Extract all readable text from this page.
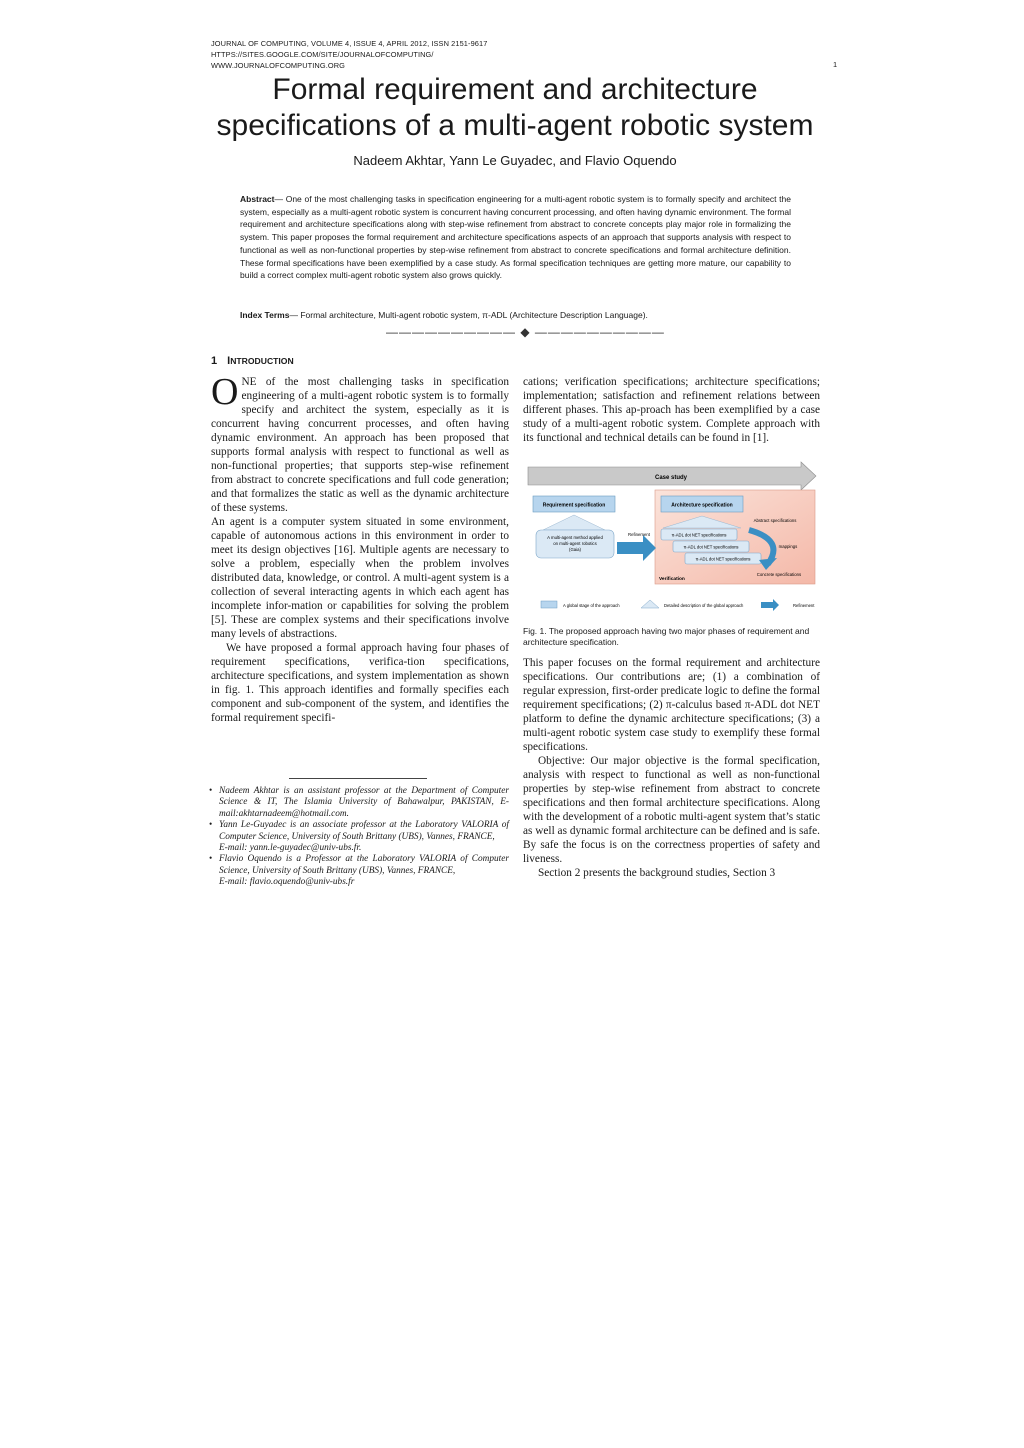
JOURNAL OF COMPUTING, VOLUME 4, ISSUE 4, APRIL 2012, ISSN 2151-9617
HTTPS://SITES.GOOGLE.COM/SITE/JOURNALOFCOMPUTING/
WWW.JOURNALOFCOMPUTING.ORG	1
Formal requirement and architecture
specifications of a multi-agent robotic system
Nadeem Akhtar, Yann Le Guyadec, and Flavio Oquendo

Abstract— One of the most challenging tasks in specification engineering for a multi-agent robotic system is to formally specify and architect the system, especially as a multi-agent robotic system is concurrent having concurrent processing, and often having dynamic environment. The formal requirement and architecture specifications along with step-wise refinement from abstract to concrete concepts play major role in formalizing the system. This paper proposes the formal requirement and architecture specifications aspects of an approach that supports analysis with respect to functional as well as non-functional properties by step-wise refinement from abstract to concrete specifications and formal architecture definition. These formal specifications have been exemplified by a case study. As formal specification techniques are getting more mature, our capability to build a correct complex multi-agent robotic system also grows quickly.

Index Terms— Formal architecture, Multi-agent robotic system, π-ADL (Architecture Description Language).

—————————— ◆ ——————————
1 INTRODUCTION

ONE of the most challenging tasks in specification engineering of a multi-agent robotic system is to formally specify and architect the system, especially as it is concurrent having concurrent processes, and often having dynamic environment. An approach has been proposed that supports formal analysis with respect to functional as well as non-functional properties; that supports step-wise refinement from abstract to concrete specifications and full code generation; and that formalizes the static as well as the dynamic architecture of these systems.

An agent is a computer system situated in some environment, capable of autonomous actions in this environment in order to meet its design objectives [16]. Multiple agents are necessary to solve a problem, especially when the problem involves distributed data, knowledge, or control. A multi-agent system is a collection of several interacting agents in which each agent has incomplete infor-mation or capabilities for solving the problem [5]. These are complex systems and their specifications involve many levels of abstractions.

We have proposed a formal approach having four phases of requirement specifications, verifica-tion specifications, architecture specifications, and system implementation as shown in fig. 1. This approach identifies and formally specifies each component and sub-component of the system, and identifies the formal requirement specifi-

• Nadeem Akhtar is an assistant professor at the Department of Computer Science & IT, The Islamia University of Bahawalpur, PAKISTAN, E-mail:akhtarnadeem@hotmail.com.
• Yann Le-Guyadec is an associate professor at the Laboratory VALORIA of Computer Science, University of South Brittany (UBS), Vannes, FRANCE,
E-mail: yann.le-guyadec@univ-ubs.fr.
• Flavio Oquendo is a Professor at the Laboratory VALORIA of Computer Science, University of South Brittany (UBS), Vannes, FRANCE,
E-mail: flavio.oquendo@univ-ubs.fr

cations; verification specifications; architecture specifications; implementation; satisfaction and refinement relations between different phases. This ap-proach has been exemplified by a case study of a multi-agent robotic system. Complete approach with its functional and technical details can be found in [1].

Case study
Requirement specification
A multi-agent method applied
on multi-agent robotics
(Gaia)
Refinement
Architecture specification
Abstract specifications
π-ADL dot NET specifications
π-ADL dot NET specifications
π-ADL dot NET specifications
mappings
Verification
Concrete specifications
A global stage of the approach	Detailed description of the global approach	Refinement

Fig. 1. The proposed approach having two major phases of requirement and architecture specification.

This paper focuses on the formal requirement and architecture specifications. Our contributions are; (1) a combination of regular expression, first-order predicate logic to define the formal requirement specifications; (2) π-calculus based π-ADL dot NET platform to define the dynamic architecture specifications; (3) a multi-agent robotic system case study to exemplify these formal specifications.

Objective: Our major objective is the formal specification, analysis with respect to functional as well as non-functional properties by step-wise refinement from abstract to concrete specifications and then formal architecture specifications. Along with the development of a robotic multi-agent system that’s static as well as dynamic formal architecture can be defined and is safe. By safe the focus is on the correctness properties of safety and liveness.

Section 2 presents the background studies, Section 3
